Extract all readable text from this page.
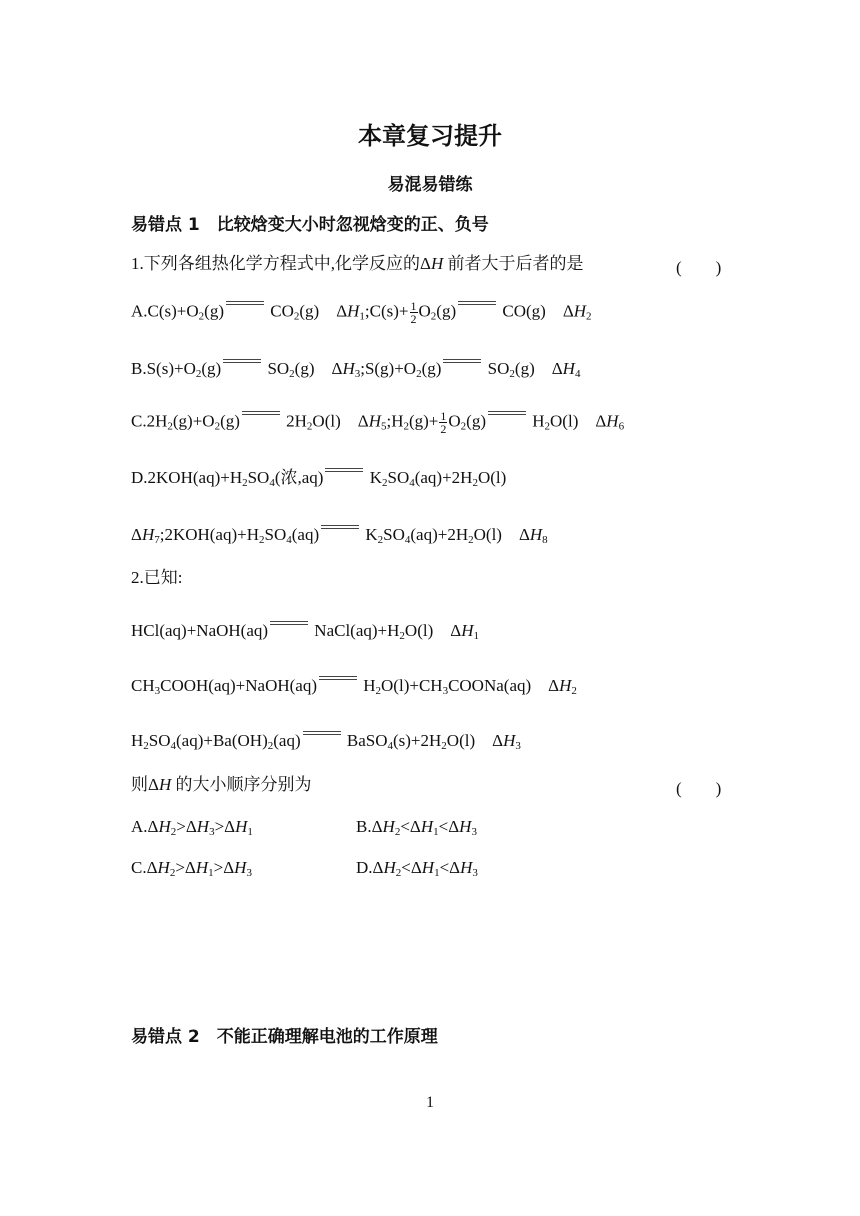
本章复习提升
易混易错练
易错点 1　比较焓变大小时忽视焓变的正、负号
1.下列各组热化学方程式中,化学反应的ΔH 前者大于后者的是	(　　)
$A.C(s)+O_2(g)$ $CO_2(g)$　$\Delta H_1;C(s)+ \frac{1}{2} O_2(g)$ CO(g)　$\Delta H_2$
$B.S(s)+O_2(g)$ $SO_2(g)$　$\Delta H_3;S(g)+O_2(g)$ $SO_2(g)$　$\Delta H_4$
$C.2H_2(g)+O_2(g)$ $2H_2O(l)$　$\Delta H_5;H_2(g)+ \frac{1}{2} O_2(g)$ $H_2O(l)$　$\Delta H_6$
$D.2KOH(aq)+H_2SO_4$(浓,aq) $K_2SO_4(aq)+2H_2O(l)$
$\Delta H_7;2KOH(aq)+H_2SO_4(aq)$ $K_2SO_4(aq)+2H_2O(l)$　$\Delta H_8$
2.已知:
HCl(aq)+NaOH(aq) $NaCl(aq)+H_2O(l)$　$\Delta H_1$
$CH_3COOH(aq)+NaOH(aq)$ $H_2O(l)+CH_3COONa(aq)$　$\Delta H_2$
$H_2SO_4(aq)+Ba(OH)_2(aq)$ $BaSO_4(s)+2H_2O(l)$　$\Delta H_3$
则ΔH 的大小顺序分别为	(　　)
$A.\Delta H_2>\Delta H_3>\Delta H_1$	$B.\Delta H_2<\Delta H_1<\Delta H_3$
$C.\Delta H_2>\Delta H_1>\Delta H_3$	$D.\Delta H_2<\Delta H_1<\Delta H_3$
易错点 2　不能正确理解电池的工作原理
1
